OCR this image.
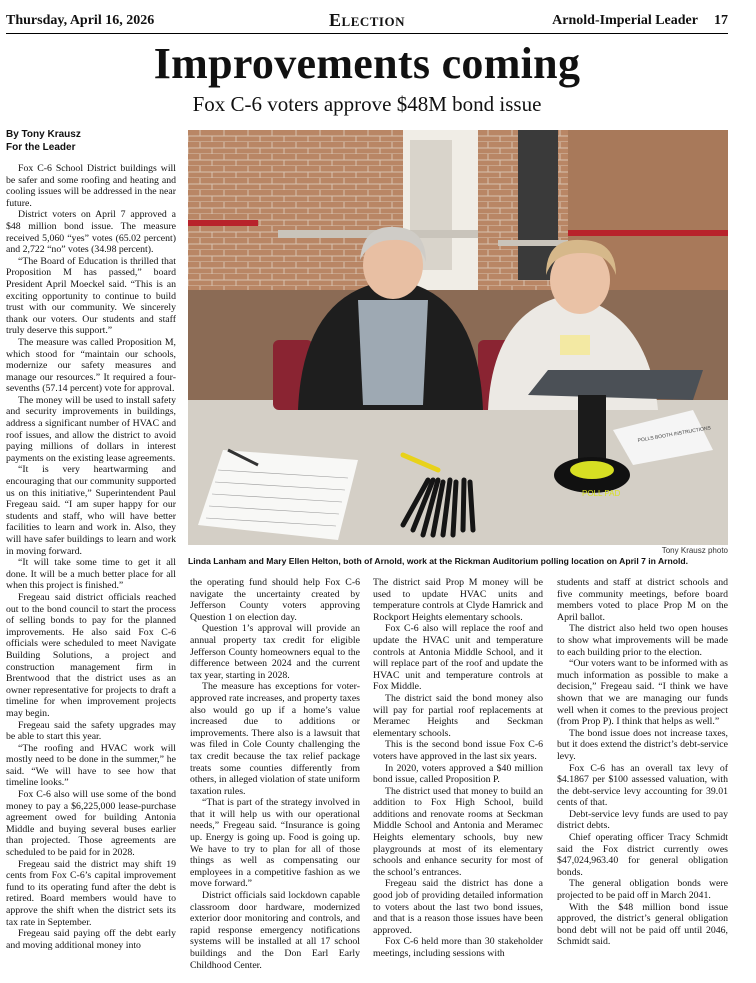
Thursday, April 16, 2026	Election	Arnold-Imperial Leader 17
Improvements coming
Fox C-6 voters approve $48M bond issue
By Tony Krausz
For the Leader

Fox C-6 School District buildings will be safer and some roofing and heating and cooling issues will be addressed in the near future.

District voters on April 7 approved a $48 million bond issue. The measure received 5,060 “yes” votes (65.02 percent) and 2,722 “no” votes (34.98 percent).

“The Board of Education is thrilled that Proposition M has passed,” board President April Moeckel said. “This is an exciting opportunity to continue to build trust with our community. We sincerely thank our voters. Our students and staff truly deserve this support.”

The measure was called Proposition M, which stood for “maintain our schools, modernize our safety measures and manage our resources.” It required a four-sevenths (57.14 percent) vote for approval.

The money will be used to install safety and security improvements in buildings, address a significant number of HVAC and roof issues, and allow the district to avoid paying millions of dollars in interest payments on the existing lease agreements.

“It is very heartwarming and encouraging that our community supported us on this initiative,” Superintendent Paul Fregeau said. “I am super happy for our students and staff, who will have better facilities to learn and work in. Also, they will have safer buildings to learn and work in moving forward.

“It will take some time to get it all done. It will be a much better place for all when this project is finished.”

Fregeau said district officials reached out to the bond council to start the process of selling bonds to pay for the planned improvements. He also said Fox C-6 officials were scheduled to meet Navigate Building Solutions, a project and construction management firm in Brentwood that the district uses as an owner representative for projects to draft a timeline for when improvement projects may begin.

Fregeau said the safety upgrades may be able to start this year.

“The roofing and HVAC work will mostly need to be done in the summer,” he said. “We will have to see how that timeline looks.”

Fox C-6 also will use some of the bond money to pay a $6,225,000 lease-purchase agreement owed for building Antonia Middle and buying several buses earlier than projected. Those agreements are scheduled to be paid for in 2028.

Fregeau said the district may shift 19 cents from Fox C-6’s capital improvement fund to its operating fund after the debt is retired. Board members would have to approve the shift when the district sets its tax rate in September.

Fregeau said paying off the debt early and moving additional money into

the operating fund should help Fox C-6 navigate the uncertainty created by Jefferson County voters approving Question 1 on election day.

Question 1’s approval will provide an annual property tax credit for eligible Jefferson County homeowners equal to the difference between 2024 and the current tax year, starting in 2028.

The measure has exceptions for voter-approved rate increases, and property taxes also would go up if a home’s value increased due to additions or improvements. There also is a lawsuit that was filed in Cole County challenging the tax credit because the tax relief package treats some counties differently from others, in alleged violation of state uniform taxation rules.

“That is part of the strategy involved in that it will help us with our operational needs,” Fregeau said. “Insurance is going up. Energy is going up. Food is going up. We have to try to plan for all of those things as well as compensating our employees in a competitive fashion as we move forward.”

District officials said lockdown capable classroom door hardware, modernized exterior door monitoring and controls, and rapid response emergency notifications systems will be installed at all 17 school buildings and the Don Earl Early Childhood Center.

The district said Prop M money will be used to update HVAC units and temperature controls at Clyde Hamrick and Rockport Heights elementary schools.

Fox C-6 also will replace the roof and update the HVAC unit and temperature controls at Antonia Middle School, and it will replace part of the roof and update the HVAC unit and temperature controls at Fox Middle.

The district said the bond money also will pay for partial roof replacements at Meramec Heights and Seckman elementary schools.

This is the second bond issue Fox C-6 voters have approved in the last six years.

In 2020, voters approved a $40 million bond issue, called Proposition P.

The district used that money to build an addition to Fox High School, build additions and renovate rooms at Seckman Middle School and Antonia and Meramec Heights elementary schools, buy new playgrounds at most of its elementary schools and enhance security for most of the school’s entrances.

Fregeau said the district has done a good job of providing detailed information to voters about the last two bond issues, and that is a reason those issues have been approved.

Fox C-6 held more than 30 stakeholder meetings, including sessions with

students and staff at district schools and five community meetings, before board members voted to place Prop M on the April ballot.

The district also held two open houses to show what improvements will be made to each building prior to the election.

“Our voters want to be informed with as much information as possible to make a decision,” Fregeau said. “I think we have shown that we are managing our funds well when it comes to the previous project (from Prop P). I think that helps as well.”

The bond issue does not increase taxes, but it does extend the district’s debt-service levy.

Fox C-6 has an overall tax levy of $4.1867 per $100 assessed valuation, with the debt-service levy accounting for 39.01 cents of that.

Debt-service levy funds are used to pay district debts.

Chief operating officer Tracy Schmidt said the Fox district currently owes $47,024,963.40 for general obligation bonds.

The general obligation bonds were projected to be paid off in March 2041.

With the $48 million bond issue approved, the district’s general obligation bond debt will not be paid off until 2046, Schmidt said.

POLL PAD
POLLS BOOTH INSTRUCTIONS
Tony Krausz photo
Linda Lanham and Mary Ellen Helton, both of Arnold, work at the Rickman Auditorium polling location on April 7 in Arnold.
